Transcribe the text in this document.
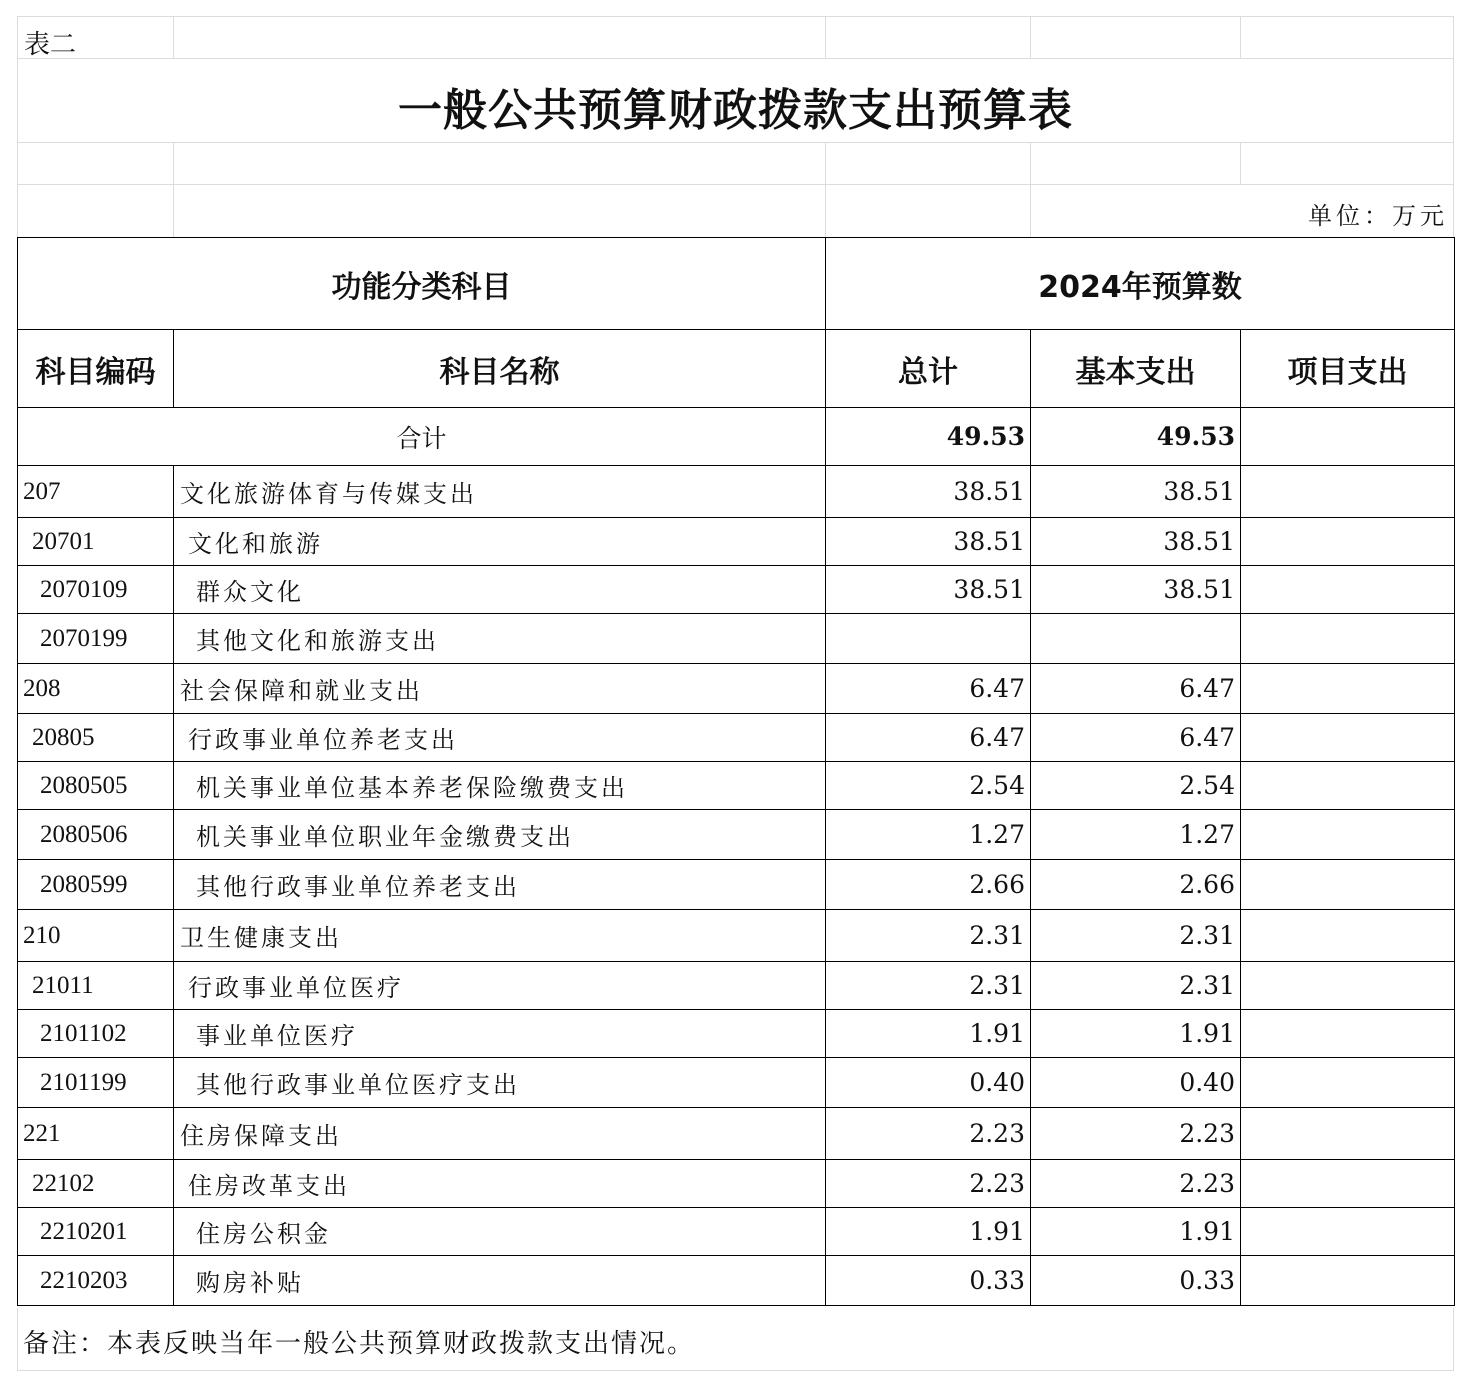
表二
一般公共预算财政拨款支出预算表
单位：万元
功能分类科目		2024年预算数		
科目编码	科目名称	总计	基本支出	项目支出
合计		49.53	49.53	
207	文化旅游体育与传媒支出	38.51	38.51	
20701	文化和旅游	38.51	38.51	
2070109	群众文化	38.51	38.51	
2070199	其他文化和旅游支出			
208	社会保障和就业支出	6.47	6.47	
20805	行政事业单位养老支出	6.47	6.47	
2080505	机关事业单位基本养老保险缴费支出	2.54	2.54	
2080506	机关事业单位职业年金缴费支出	1.27	1.27	
2080599	其他行政事业单位养老支出	2.66	2.66	
210	卫生健康支出	2.31	2.31	
21011	行政事业单位医疗	2.31	2.31	
2101102	事业单位医疗	1.91	1.91	
2101199	其他行政事业单位医疗支出	0.40	0.40	
221	住房保障支出	2.23	2.23	
22102	住房改革支出	2.23	2.23	
2210201	住房公积金	1.91	1.91	
2210203	购房补贴	0.33	0.33	
备注：本表反映当年一般公共预算财政拨款支出情况。
